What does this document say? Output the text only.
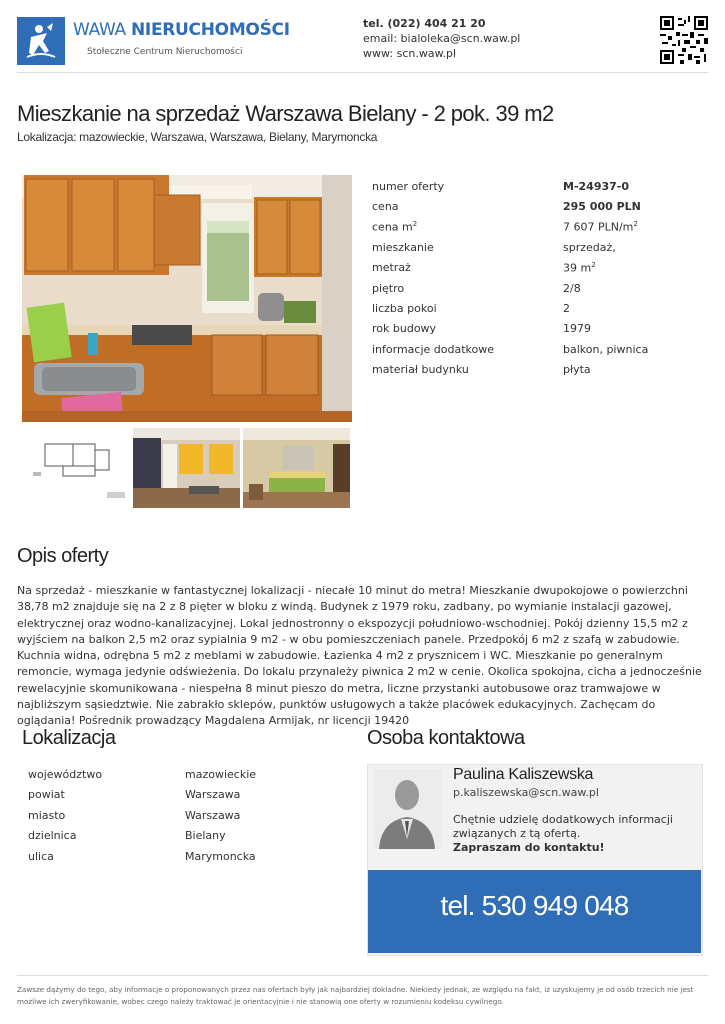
WAWA NIERUCHOMOŚCI
Stołeczne Centrum Nieruchomości
tel. (022) 404 21 20
email: bialoleka@scn.waw.pl
www: scn.waw.pl
Mieszkanie na sprzedaż Warszawa Bielany - 2 pok. 39 m2
Lokalizacja: mazowieckie, Warszawa, Warszawa, Bielany, Marymoncka
numer oferty	M-24937-0
cena	295 000 PLN
cena $m^2$	7 607 PLN/$m^2$
mieszkanie	sprzedaż,
metraż	39 $m^2$
piętro	2/8
liczba pokoi	2
rok budowy	1979
informacje dodatkowe	balkon, piwnica
materiał budynku	płyta
Opis oferty
Na sprzedaż - mieszkanie w fantastycznej lokalizacji - niecałe 10 minut do metra! Mieszkanie dwupokojowe o powierzchni 38,78 m2 znajduje się na 2 z 8 pięter w bloku z windą. Budynek z 1979 roku, zadbany, po wymianie instalacji gazowej, elektrycznej oraz wodno-kanalizacyjnej. Lokal jednostronny o ekspozycji południowo-wschodniej. Pokój dzienny 15,5 m2 z wyjściem na balkon 2,5 m2 oraz sypialnia 9 m2 - w obu pomieszczeniach panele. Przedpokój 6 m2 z szafą w zabudowie. Kuchnia widna, odrębna 5 m2 z meblami w zabudowie. Łazienka 4 m2 z prysznicem i WC. Mieszkanie po generalnym remoncie, wymaga jedynie odświeżenia. Do lokalu przynależy piwnica 2 m2 w cenie. Okolica spokojna, cicha a jednocześnie rewelacyjnie skomunikowana - niespełna 8 minut pieszo do metra, liczne przystanki autobusowe oraz tramwajowe w najbliższym sąsiedztwie. Nie zabrakło sklepów, punktów usługowych a także placówek edukacyjnych. Zachęcam do oglądania! Pośrednik prowadzący Magdalena Armijak, nr licencji 19420
Lokalizacja
województwo	mazowieckie
powiat	Warszawa
miasto	Warszawa
dzielnica	Bielany
ulica	Marymoncka
Osoba kontaktowa
Paulina Kaliszewska
p.kaliszewska@scn.waw.pl
Chętnie udzielę dodatkowych informacji związanych z tą ofertą.
Zapraszam do kontaktu!
tel. 530 949 048
Zawsze dążymy do tego, aby informacje o proponowanych przez nas ofertach były jak najbardziej dokładne. Niekiedy jednak, ze względu na fakt, iż uzyskujemy je od osób trzecich nie jest możliwe ich zweryfikowanie, wobec czego należy traktować je orientacyjnie i nie stanowią one oferty w rozumieniu kodeksu cywilnego.
